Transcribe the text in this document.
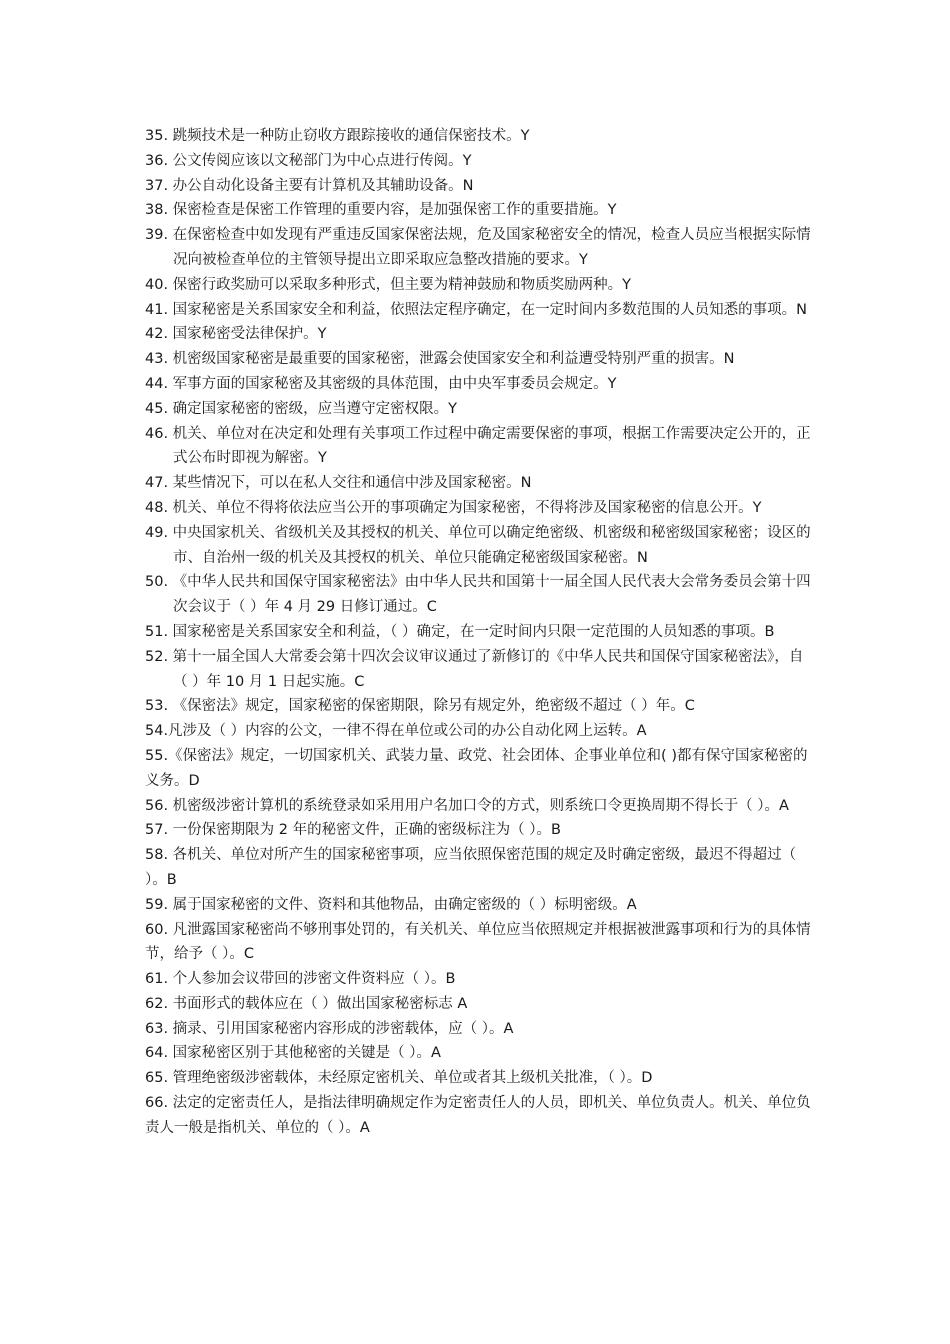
35. 跳频技术是一种防止窃收方跟踪接收的通信保密技术。Y
36. 公文传阅应该以文秘部门为中心点进行传阅。Y
37. 办公自动化设备主要有计算机及其辅助设备。N
38. 保密检查是保密工作管理的重要内容，是加强保密工作的重要措施。Y
39. 在保密检查中如发现有严重违反国家保密法规，危及国家秘密安全的情况，检查人员应当根据实际情况向被检查单位的主管领导提出立即采取应急整改措施的要求。Y
40. 保密行政奖励可以采取多种形式，但主要为精神鼓励和物质奖励两种。Y
41. 国家秘密是关系国家安全和利益，依照法定程序确定，在一定时间内多数范围的人员知悉的事项。N
42. 国家秘密受法律保护。Y
43. 机密级国家秘密是最重要的国家秘密，泄露会使国家安全和利益遭受特别严重的损害。N
44. 军事方面的国家秘密及其密级的具体范围，由中央军事委员会规定。Y
45. 确定国家秘密的密级，应当遵守定密权限。Y
46. 机关、单位对在决定和处理有关事项工作过程中确定需要保密的事项，根据工作需要决定公开的，正式公布时即视为解密。Y
47. 某些情况下，可以在私人交往和通信中涉及国家秘密。N
48. 机关、单位不得将依法应当公开的事项确定为国家秘密，不得将涉及国家秘密的信息公开。Y
49. 中央国家机关、省级机关及其授权的机关、单位可以确定绝密级、机密级和秘密级国家秘密；设区的市、自治州一级的机关及其授权的机关、单位只能确定秘密级国家秘密。N
50. 《中华人民共和国保守国家秘密法》由中华人民共和国第十一届全国人民代表大会常务委员会第十四次会议于（ ）年 4 月 29 日修订通过。C
51. 国家秘密是关系国家安全和利益，（ ）确定，在一定时间内只限一定范围的人员知悉的事项。B
52. 第十一届全国人大常委会第十四次会议审议通过了新修订的《中华人民共和国保守国家秘密法》，自（ ）年 10 月 1 日起实施。C
53. 《保密法》规定，国家秘密的保密期限，除另有规定外，绝密级不超过（ ）年。C
54.凡涉及（ ）内容的公文，一律不得在单位或公司的办公自动化网上运转。A
55.《保密法》规定，一切国家机关、武装力量、政党、社会团体、企事业单位和( )都有保守国家秘密的义务。D
56. 机密级涉密计算机的系统登录如采用用户名加口令的方式，则系统口令更换周期不得长于（ ）。A
57. 一份保密期限为 2 年的秘密文件，正确的密级标注为（ ）。B
58. 各机关、单位对所产生的国家秘密事项，应当依照保密范围的规定及时确定密级，最迟不得超过（ ）。B
59. 属于国家秘密的文件、资料和其他物品，由确定密级的（ ）标明密级。A
60. 凡泄露国家秘密尚不够刑事处罚的，有关机关、单位应当依照规定并根据被泄露事项和行为的具体情节，给予（ ）。C
61. 个人参加会议带回的涉密文件资料应（ ）。B
62. 书面形式的载体应在（ ）做出国家秘密标志 A
63. 摘录、引用国家秘密内容形成的涉密载体，应（ ）。A
64. 国家秘密区别于其他秘密的关键是（ ）。A
65. 管理绝密级涉密载体，未经原定密机关、单位或者其上级机关批准，（ ）。D
66. 法定的定密责任人，是指法律明确规定作为定密责任人的人员，即机关、单位负责人。机关、单位负责人一般是指机关、单位的（ ）。A
